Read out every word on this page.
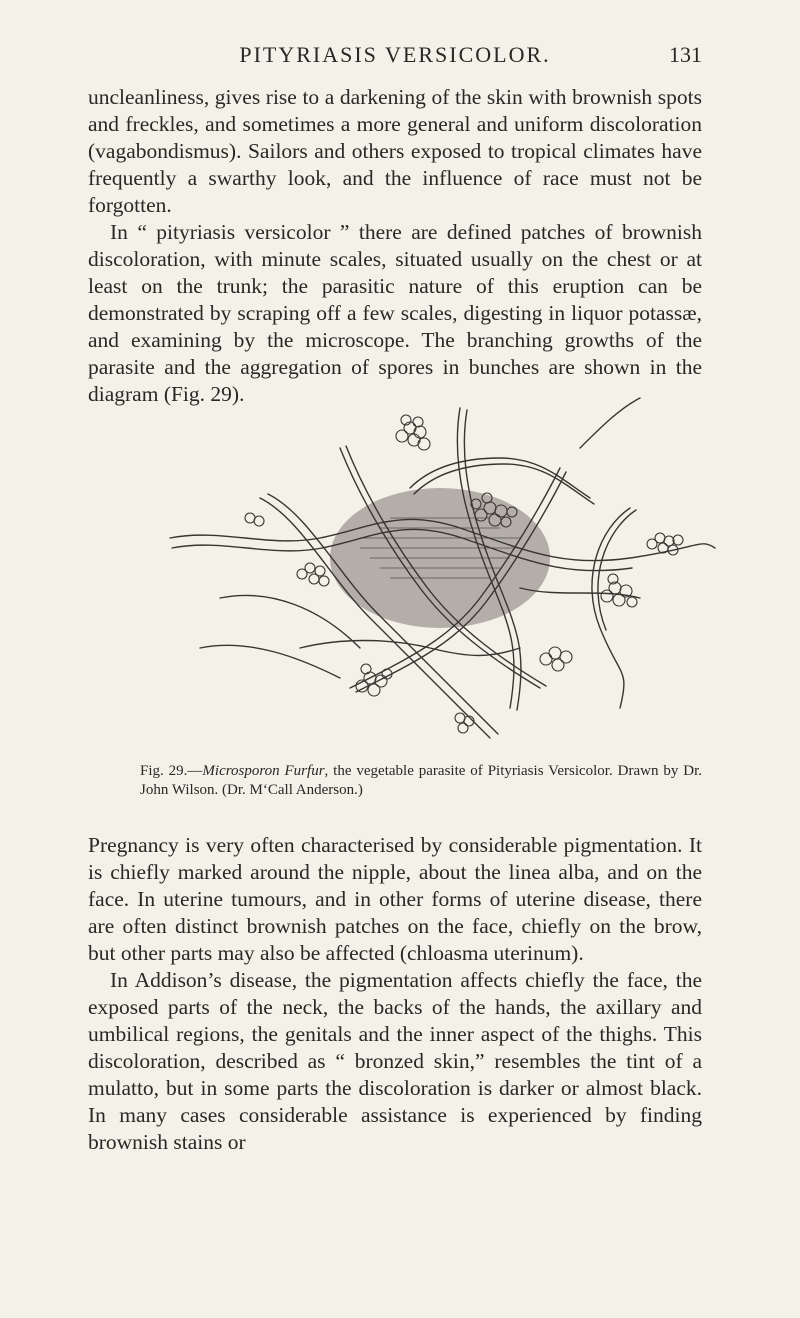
PITYRIASIS VERSICOLOR.	131

uncleanliness, gives rise to a darkening of the skin with brownish spots and freckles, and sometimes a more general and uniform discoloration (vagabondismus). Sailors and others exposed to tropical climates have frequently a swarthy look, and the influence of race must not be forgotten.

In “ pityriasis versicolor ” there are defined patches of brownish discoloration, with minute scales, situated usually on the chest or at least on the trunk; the parasitic nature of this eruption can be demonstrated by scraping off a few scales, digesting in liquor potassæ, and examining by the microscope. The branching growths of the parasite and the aggregation of spores in bunches are shown in the diagram (Fig. 29).

Fig. 29.—Microsporon Furfur, the vegetable parasite of Pityriasis Versicolor. Drawn by Dr. John Wilson. (Dr. M‘Call Anderson.)

Pregnancy is very often characterised by considerable pigmentation. It is chiefly marked around the nipple, about the linea alba, and on the face. In uterine tumours, and in other forms of uterine disease, there are often distinct brownish patches on the face, chiefly on the brow, but other parts may also be affected (chloasma uterinum).

In Addison’s disease, the pigmentation affects chiefly the face, the exposed parts of the neck, the backs of the hands, the axillary and umbilical regions, the genitals and the inner aspect of the thighs. This discoloration, described as “ bronzed skin,” resembles the tint of a mulatto, but in some parts the discoloration is darker or almost black. In many cases considerable assistance is experienced by finding brownish stains or
